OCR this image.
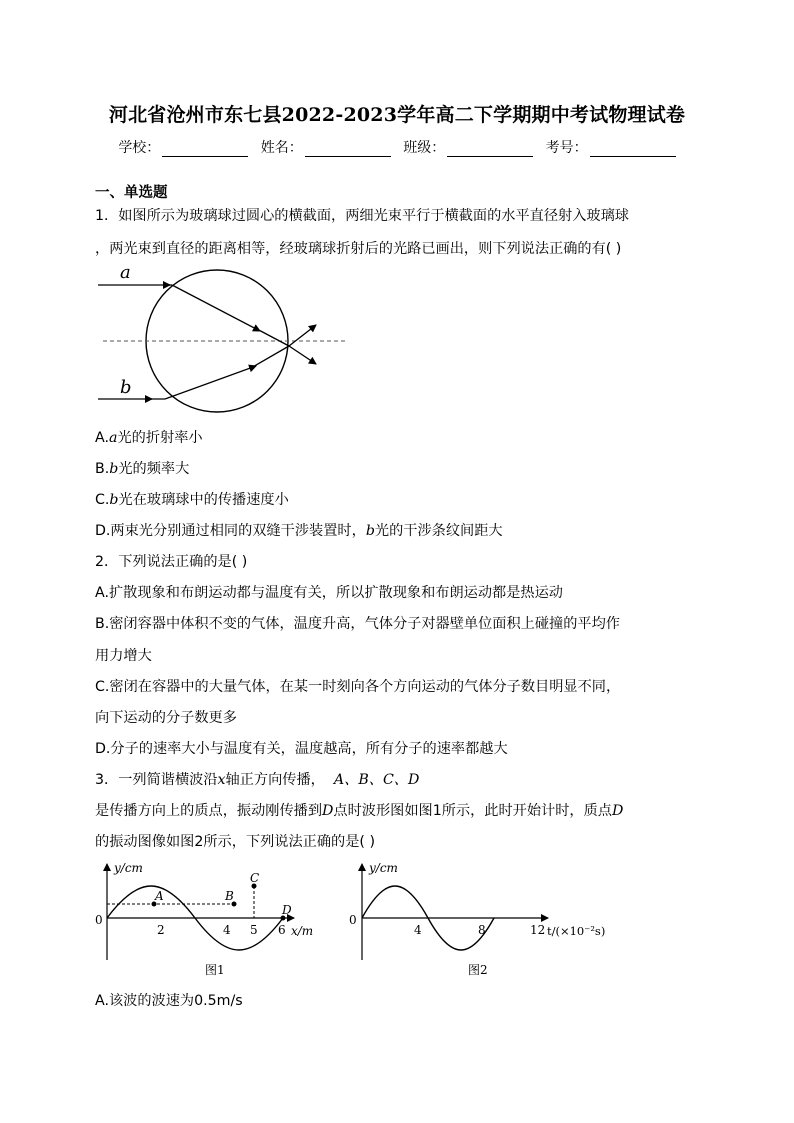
河北省沧州市东七县2022-2023学年高二下学期期中考试物理试卷
学校：	姓名：	班级：	考号：
一、单选题
1．如图所示为玻璃球过圆心的横截面，两细光束平行于横截面的水平直径射入玻璃球
，两光束到直径的距离相等，经玻璃球折射后的光路已画出，则下列说法正确的有( )
a
b
A.a光的折射率小
B.b光的频率大
C.b光在玻璃球中的传播速度小
D.两束光分别通过相同的双缝干涉装置时，b光的干涉条纹间距大
2．下列说法正确的是( )
A.扩散现象和布朗运动都与温度有关，所以扩散现象和布朗运动都是热运动
B.密闭容器中体积不变的气体，温度升高，气体分子对器壁单位面积上碰撞的平均作
用力增大
C.密闭在容器中的大量气体，在某一时刻向各个方向运动的气体分子数目明显不同，
向下运动的分子数更多
D.分子的速率大小与温度有关，温度越高，所有分子的速率都越大
3．一列简谐横波沿x轴正方向传播， A、B、C、D
是传播方向上的质点，振动刚传播到D点时波形图如图1所示，此时开始计时，质点D
的振动图像如图2所示，下列说法正确的是( )
A	B
C
D
y/cm
x/m
0
2	4 5 6
图1
y/cm
t/(×10⁻²s)
0
4	8	12
图2
A.该波的波速为0.5m/s
